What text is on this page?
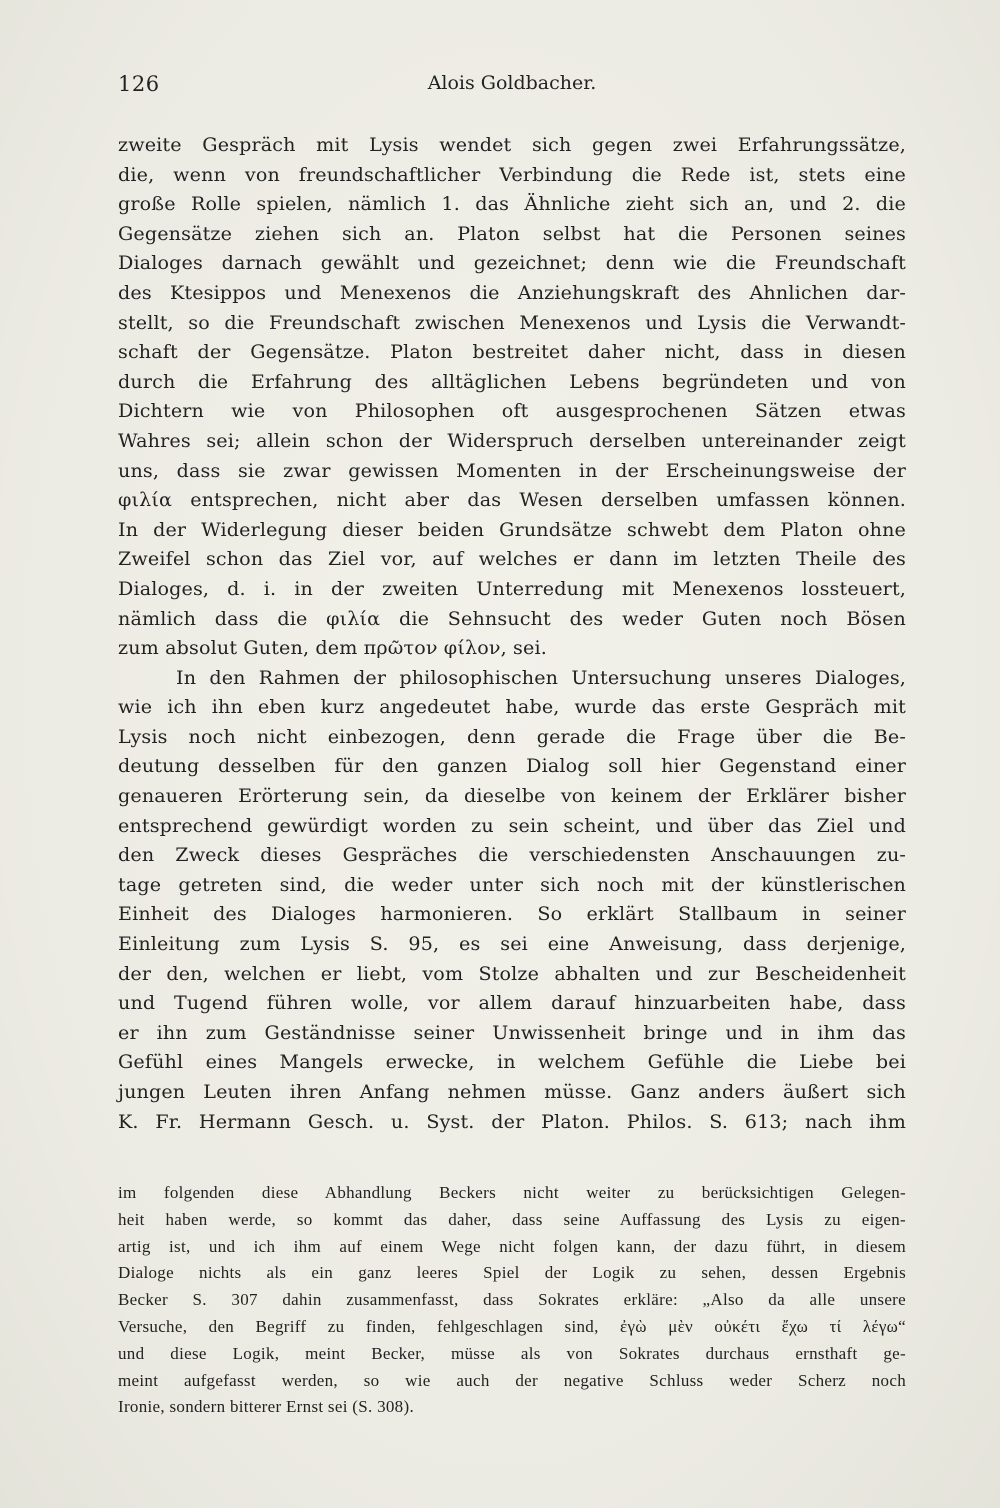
126	Alois Goldbacher.
zweite Gespräch mit Lysis wendet sich gegen zwei Erfahrungssätze,
die, wenn von freundschaftlicher Verbindung die Rede ist, stets eine
große Rolle spielen, nämlich 1. das Ähnliche zieht sich an, und 2. die
Gegensätze ziehen sich an. Platon selbst hat die Personen seines
Dialoges darnach gewählt und gezeichnet; denn wie die Freundschaft
des Ktesippos und Menexenos die Anziehungskraft des Ahnlichen dar-
stellt, so die Freundschaft zwischen Menexenos und Lysis die Verwandt-
schaft der Gegensätze. Platon bestreitet daher nicht, dass in diesen
durch die Erfahrung des alltäglichen Lebens begründeten und von
Dichtern wie von Philosophen oft ausgesprochenen Sätzen etwas
Wahres sei; allein schon der Widerspruch derselben untereinander zeigt
uns, dass sie zwar gewissen Momenten in der Erscheinungsweise der
φιλία entsprechen, nicht aber das Wesen derselben umfassen können.
In der Widerlegung dieser beiden Grundsätze schwebt dem Platon ohne
Zweifel schon das Ziel vor, auf welches er dann im letzten Theile des
Dialoges, d. i. in der zweiten Unterredung mit Menexenos lossteuert,
nämlich dass die φιλία die Sehnsucht des weder Guten noch Bösen
zum absolut Guten, dem πρῶτον φίλον, sei.
In den Rahmen der philosophischen Untersuchung unseres Dialoges,
wie ich ihn eben kurz angedeutet habe, wurde das erste Gespräch mit
Lysis noch nicht einbezogen, denn gerade die Frage über die Be-
deutung desselben für den ganzen Dialog soll hier Gegenstand einer
genaueren Erörterung sein, da dieselbe von keinem der Erklärer bisher
entsprechend gewürdigt worden zu sein scheint, und über das Ziel und
den Zweck dieses Gespräches die verschiedensten Anschauungen zu-
tage getreten sind, die weder unter sich noch mit der künstlerischen
Einheit des Dialoges harmonieren. So erklärt Stallbaum in seiner
Einleitung zum Lysis S. 95, es sei eine Anweisung, dass derjenige,
der den, welchen er liebt, vom Stolze abhalten und zur Bescheidenheit
und Tugend führen wolle, vor allem darauf hinzuarbeiten habe, dass
er ihn zum Geständnisse seiner Unwissenheit bringe und in ihm das
Gefühl eines Mangels erwecke, in welchem Gefühle die Liebe bei
jungen Leuten ihren Anfang nehmen müsse. Ganz anders äußert sich
K. Fr. Hermann Gesch. u. Syst. der Platon. Philos. S. 613; nach ihm
im folgenden diese Abhandlung Beckers nicht weiter zu berücksichtigen Gelegen-
heit haben werde, so kommt das daher, dass seine Auffassung des Lysis zu eigen-
artig ist, und ich ihm auf einem Wege nicht folgen kann, der dazu führt, in diesem
Dialoge nichts als ein ganz leeres Spiel der Logik zu sehen, dessen Ergebnis
Becker S. 307 dahin zusammenfasst, dass Sokrates erkläre: „Also da alle unsere
Versuche, den Begriff zu finden, fehlgeschlagen sind, ἐγὼ μὲν οὐκέτι ἔχω τί λέγω“
und diese Logik, meint Becker, müsse als von Sokrates durchaus ernsthaft ge-
meint aufgefasst werden, so wie auch der negative Schluss weder Scherz noch
Ironie, sondern bitterer Ernst sei (S. 308).
